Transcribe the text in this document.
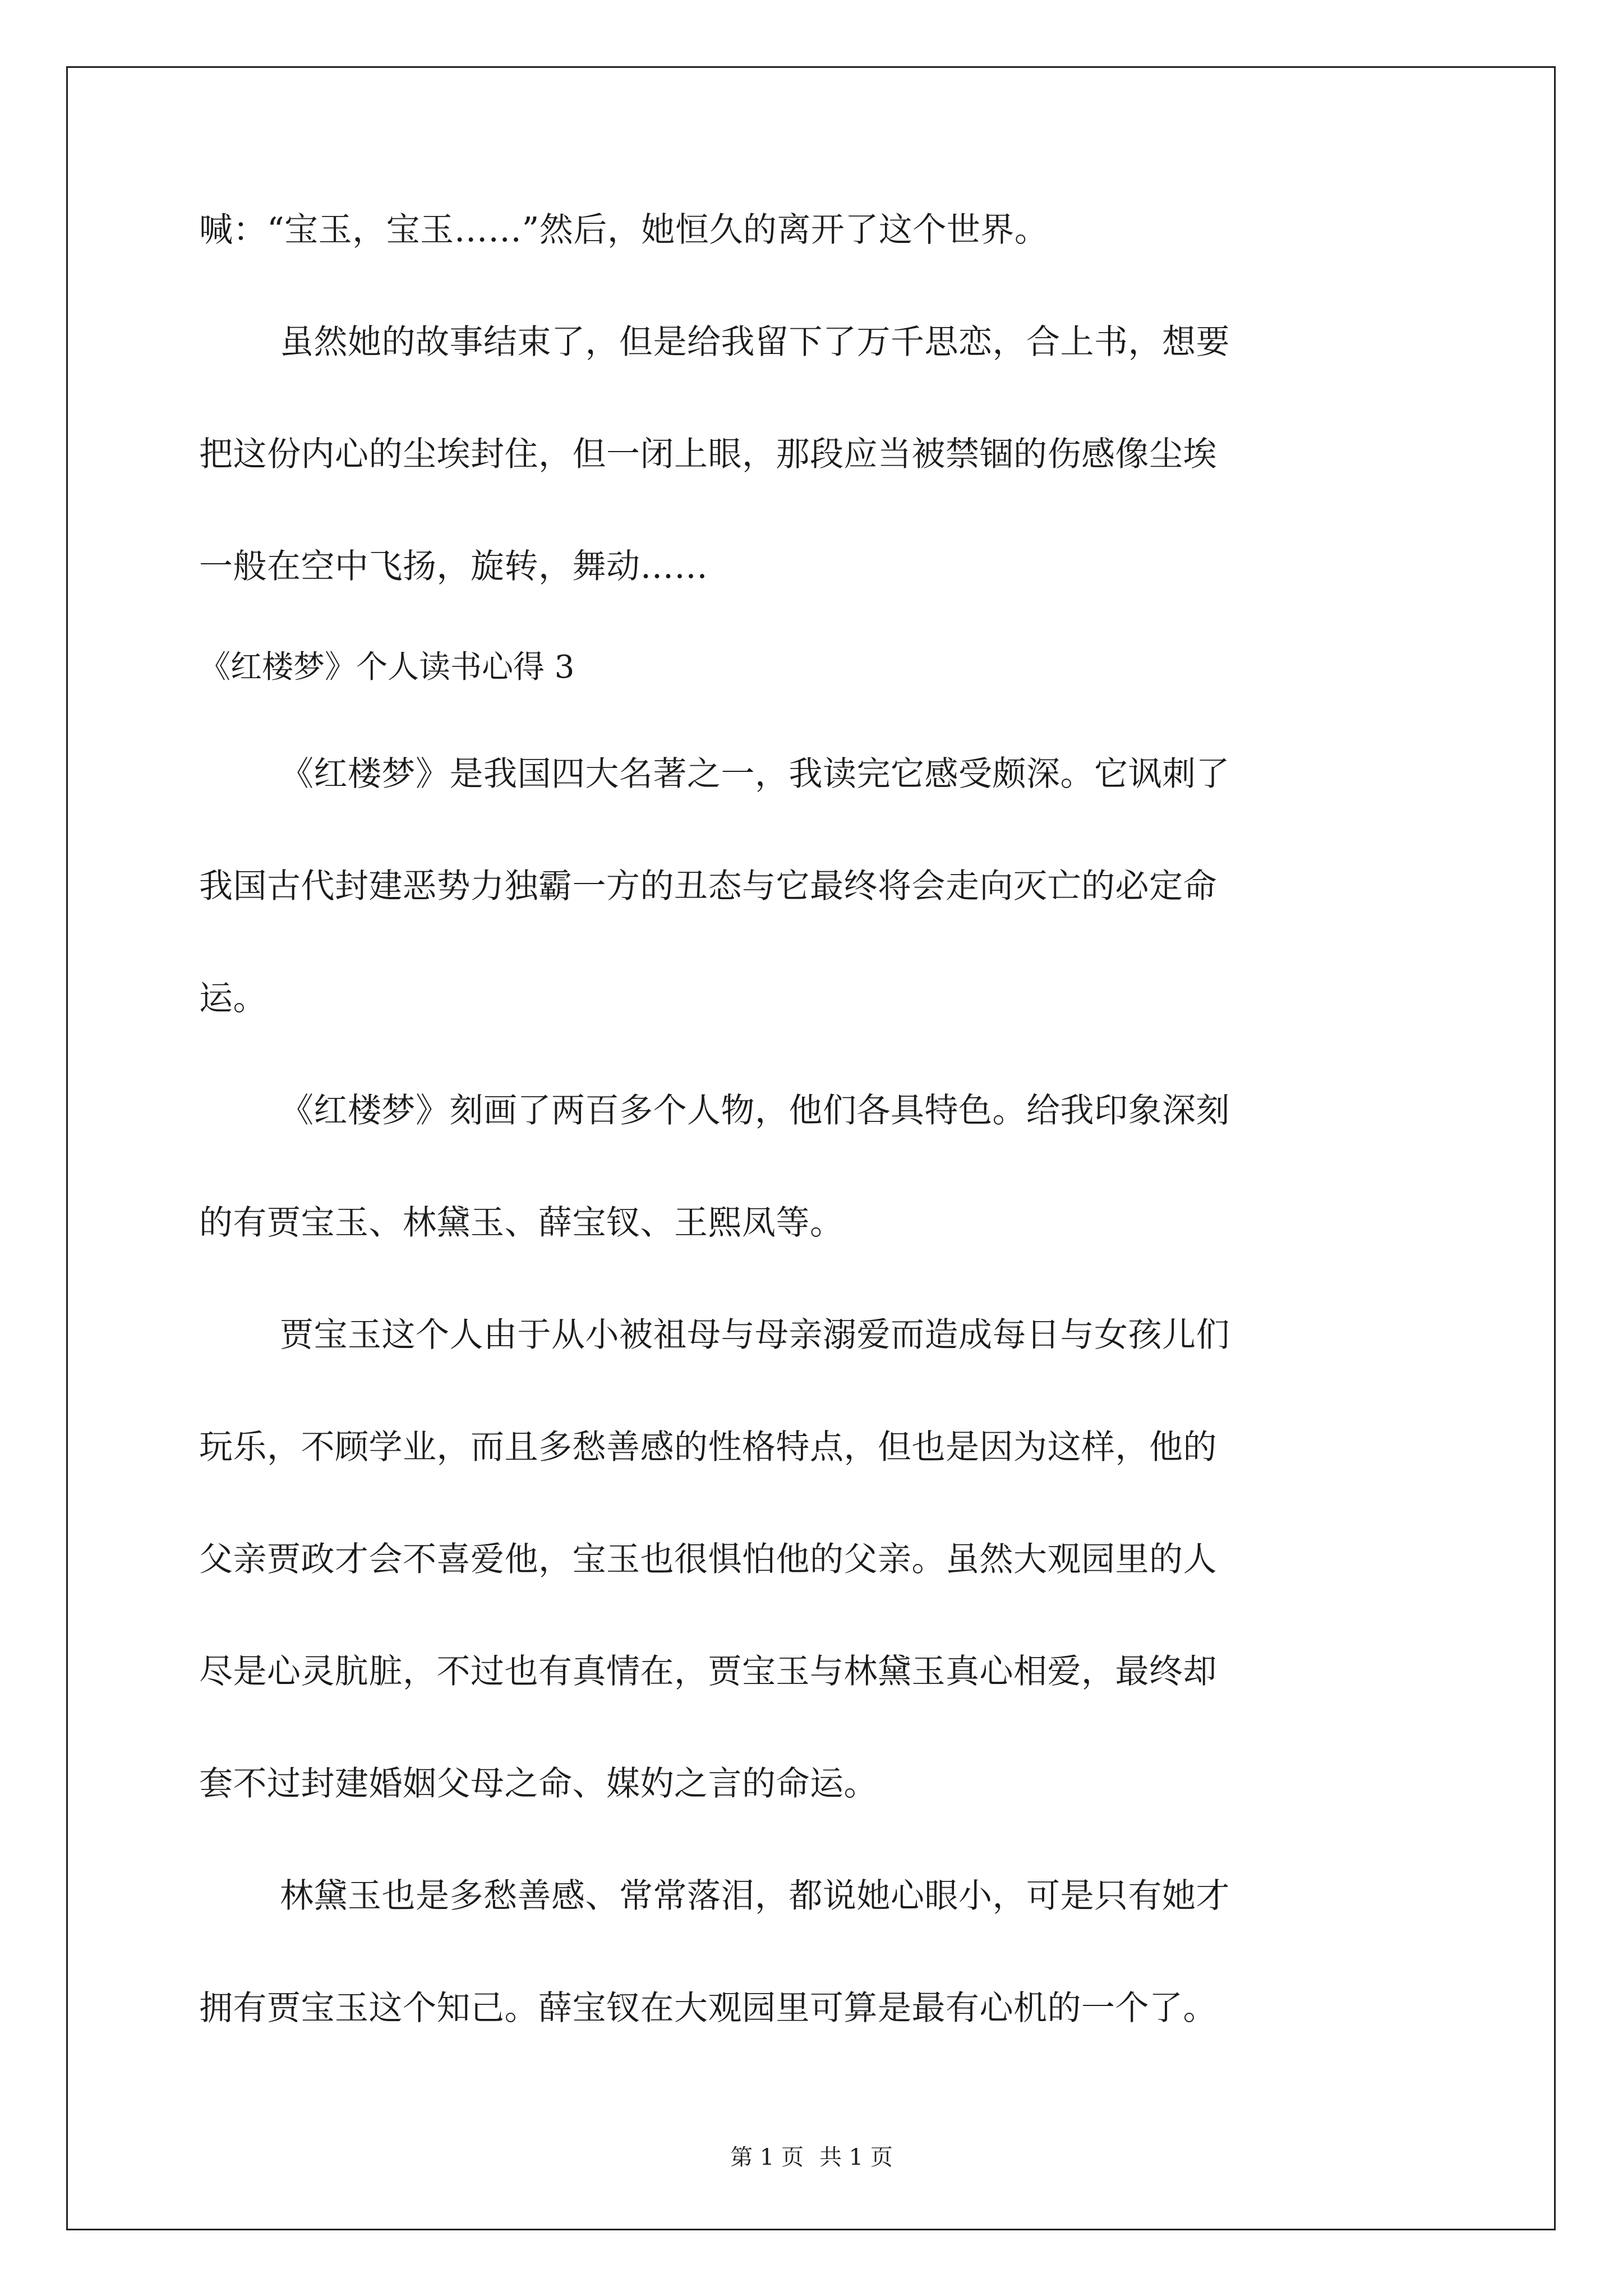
喊：“宝玉，宝玉……”然后，她恒久的离开了这个世界。
虽然她的故事结束了，但是给我留下了万千思恋，合上书，想要
把这份内心的尘埃封住，但一闭上眼，那段应当被禁锢的伤感像尘埃
一般在空中飞扬，旋转，舞动……
《红楼梦》个人读书心得 3
《红楼梦》是我国四大名著之一，我读完它感受颇深。它讽刺了
我国古代封建恶势力独霸一方的丑态与它最终将会走向灭亡的必定命
运。
《红楼梦》刻画了两百多个人物，他们各具特色。给我印象深刻
的有贾宝玉、林黛玉、薛宝钗、王熙凤等。
贾宝玉这个人由于从小被祖母与母亲溺爱而造成每日与女孩儿们
玩乐，不顾学业，而且多愁善感的性格特点，但也是因为这样，他的
父亲贾政才会不喜爱他，宝玉也很惧怕他的父亲。虽然大观园里的人
尽是心灵肮脏，不过也有真情在，贾宝玉与林黛玉真心相爱，最终却
套不过封建婚姻父母之命、媒妁之言的命运。
林黛玉也是多愁善感、常常落泪，都说她心眼小，可是只有她才
拥有贾宝玉这个知己。薛宝钗在大观园里可算是最有心机的一个了。
第 1 页 共 1 页
